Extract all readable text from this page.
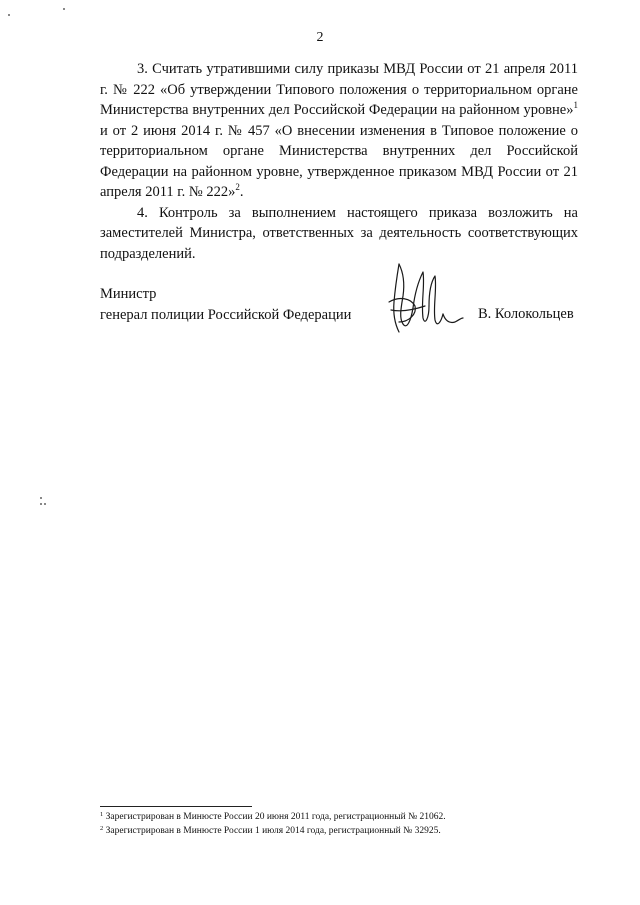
2

3. Считать утратившими силу приказы МВД России от 21 апреля 2011 г. № 222 «Об утверждении Типового положения о территориальном органе Министерства внутренних дел Российской Федерации на районном уровне»$^1$ и от 2 июня 2014 г. № 457 «О внесении изменения в Типовое положение о территориальном органе Министерства внутренних дел Российской Федерации на районном уровне, утвержденное приказом МВД России от 21 апреля 2011 г. № 222»$^2$.

4. Контроль за выполнением настоящего приказа возложить на заместителей Министра, ответственных за деятельность соответствующих подразделений.

Министр
генерал полиции Российской Федерации	В. Колокольцев
$^1$ Зарегистрирован в Минюсте России 20 июня 2011 года, регистрационный № 21062.
$^2$ Зарегистрирован в Минюсте России 1 июля 2014 года, регистрационный № 32925.
